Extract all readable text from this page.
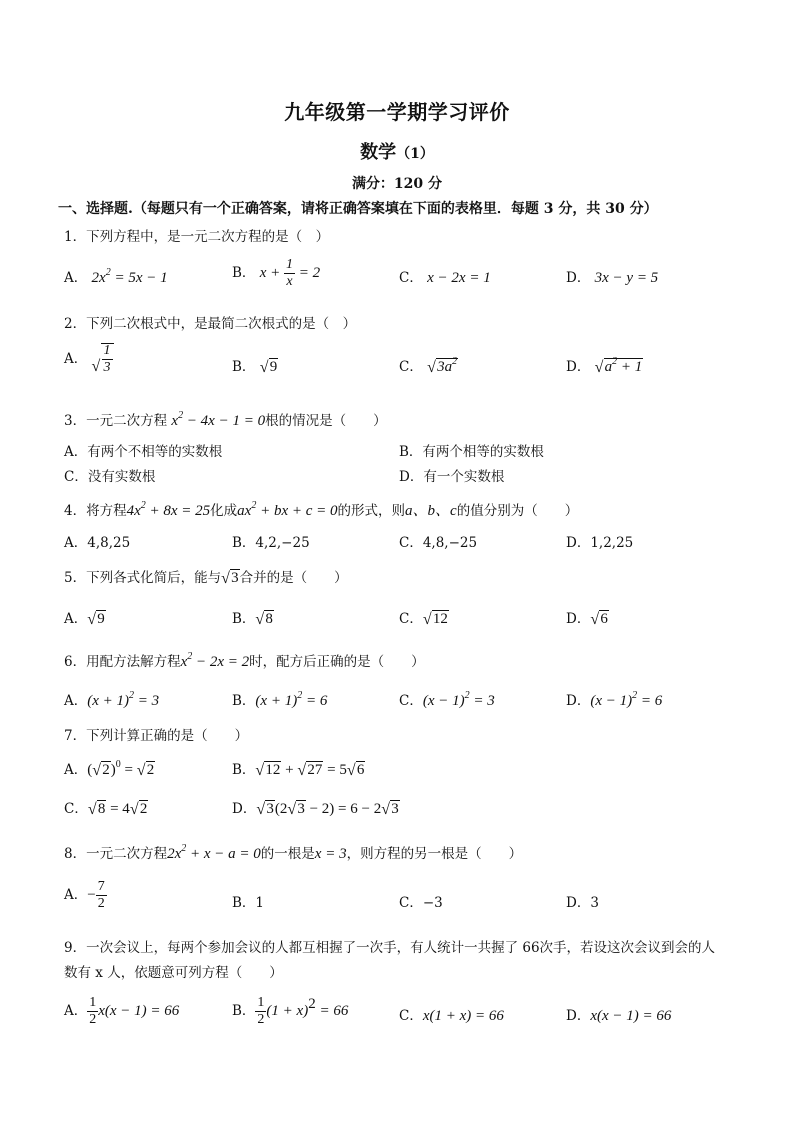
九年级第一学期学习评价
数学（1）
满分：120 分
一、选择题.（每题只有一个正确答案，请将正确答案填在下面的表格里．每题 3 分，共 30 分）
1．下列方程中，是一元二次方程的是（　）
A． $2x^2 = 5x - 1$	B． $x + \frac{1}{x} = 2$	C． x − 2x = 1	D． 3x − y = 5
2．下列二次根式中，是最简二次根式的是（　）
A． √ $\frac{1}{3}$	B． √ 9	C． √ $3a^2$	D． √ $a^2 + 1$
3．一元二次方程 $x^2 - 4x - 1 = 0$根的情况是（　　）
A．有两个不相等的实数根	B．有两个相等的实数根
C．没有实数根	D．有一个实数根
4．将方程$4x^2 + 8x = 25$化成$ax^2$ + bx + c = 0的形式，则a、b、c的值分别为（　　）
A．4,8,25	B．4,2,−25	C．4,8,−25	D．1,2,25
5．下列各式化简后，能与 √ 3合并的是（　　）
A． √ 9	B． √ 8	C． √ 12	D． √ 6
6．用配方法解方程$x^2 - 2x = 2$时，配方后正确的是（　　）
A．$(x + 1)^2 = 3$	B．$(x + 1)^2 = 6$	C．$(x - 1)^2 = 3$	D．$(x - 1)^2 = 6$
7．下列计算正确的是（　　）
A．( √ 2)$^0$ = √ 2	B． √ 12 + √ 27 = 5 √ 6
C． √ 8 = 4 √ 2	D． √ 3(2 √ 3 − 2) = 6 − 2 √ 3
8．一元二次方程$2x^2 + x - a = 0$的一根是x = 3，则方程的另一根是（　　）
A．− $\frac{7}{2}$	B．1	C．−3	D．3
9．一次会议上，每两个参加会议的人都互相握了一次手，有人统计一共握了 66次手，若设这次会议到会的人
数有 x 人，依题意可列方程（　　）
A． $\frac{1}{2} x(x - 1) = 66$	B． $\frac{1}{2} (1 + x)^2 = 66$	C．x(1 + x) = 66	D．x(x − 1) = 66
